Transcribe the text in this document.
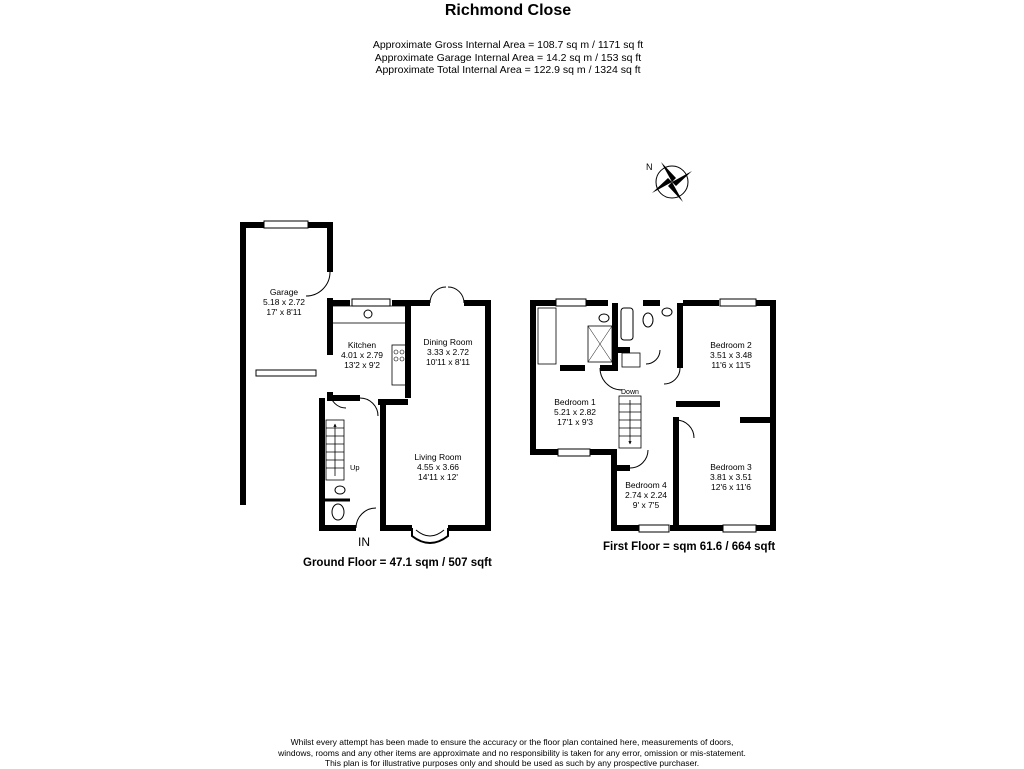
Richmond Close
Approximate Gross Internal Area = 108.7 sq m / 1171 sq ft
Approximate Garage Internal Area = 14.2 sq m / 153 sq ft
Approximate Total Internal Area = 122.9 sq m / 1324 sq ft
N
Up
Garage
5.18 x 2.72
17' x 8'11
Kitchen
4.01 x 2.79
13'2 x 9'2
Dining Room
3.33 x 2.72
10'11 x 8'11
Living Room
4.55 x 3.66
14'11 x 12'
IN
Down
Bedroom 1
5.21 x 2.82
17'1 x 9'3
Bedroom 2
3.51 x 3.48
11'6 x 11'5
Bedroom 3
3.81 x 3.51
12'6 x 11'6
Bedroom 4
2.74 x 2.24
9' x 7'5
Ground Floor = 47.1 sqm / 507 sqft
First Floor = sqm 61.6 / 664 sqft
Whilst every attempt has been made to ensure the accuracy or the floor plan contained here, measurements of doors,
windows, rooms and any other items are approximate and no responsibility is taken for any error, omission or mis-statement.
This plan is for illustrative purposes only and should be used as such by any prospective purchaser.
